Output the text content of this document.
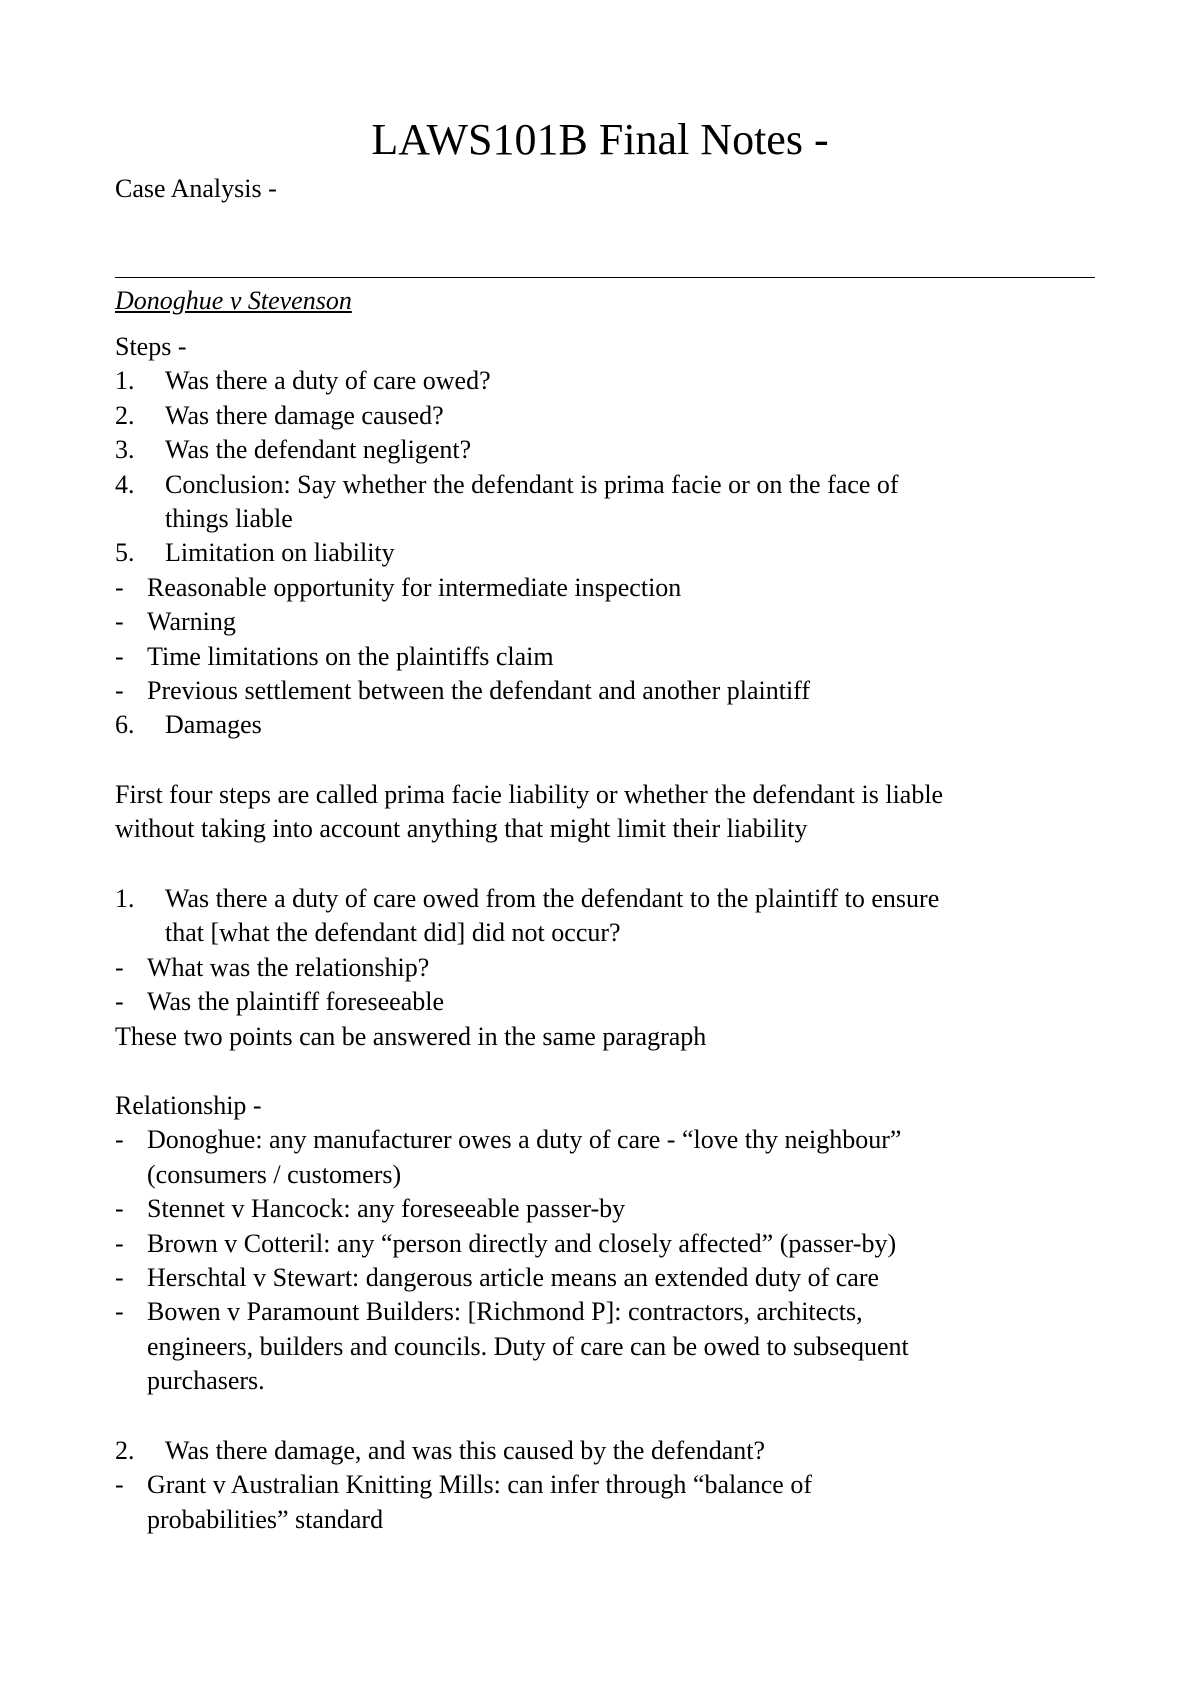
LAWS101B Final Notes -
Case Analysis -
Donoghue v Stevenson
Steps -
1. Was there a duty of care owed?
2. Was there damage caused?
3. Was the defendant negligent?
4. Conclusion: Say whether the defendant is prima facie or on the face of
things liable
5. Limitation on liability
- Reasonable opportunity for intermediate inspection
- Warning
- Time limitations on the plaintiffs claim
- Previous settlement between the defendant and another plaintiff
6. Damages
First four steps are called prima facie liability or whether the defendant is liable
without taking into account anything that might limit their liability
1. Was there a duty of care owed from the defendant to the plaintiff to ensure
that [what the defendant did] did not occur?
- What was the relationship?
- Was the plaintiff foreseeable
These two points can be answered in the same paragraph
Relationship -
- Donoghue: any manufacturer owes a duty of care - “love thy neighbour”
(consumers / customers)
- Stennet v Hancock: any foreseeable passer-by
- Brown v Cotteril: any “person directly and closely affected” (passer-by)
- Herschtal v Stewart: dangerous article means an extended duty of care
- Bowen v Paramount Builders: [Richmond P]: contractors, architects,
engineers, builders and councils. Duty of care can be owed to subsequent
purchasers.
2. Was there damage, and was this caused by the defendant?
- Grant v Australian Knitting Mills: can infer through “balance of
probabilities” standard
